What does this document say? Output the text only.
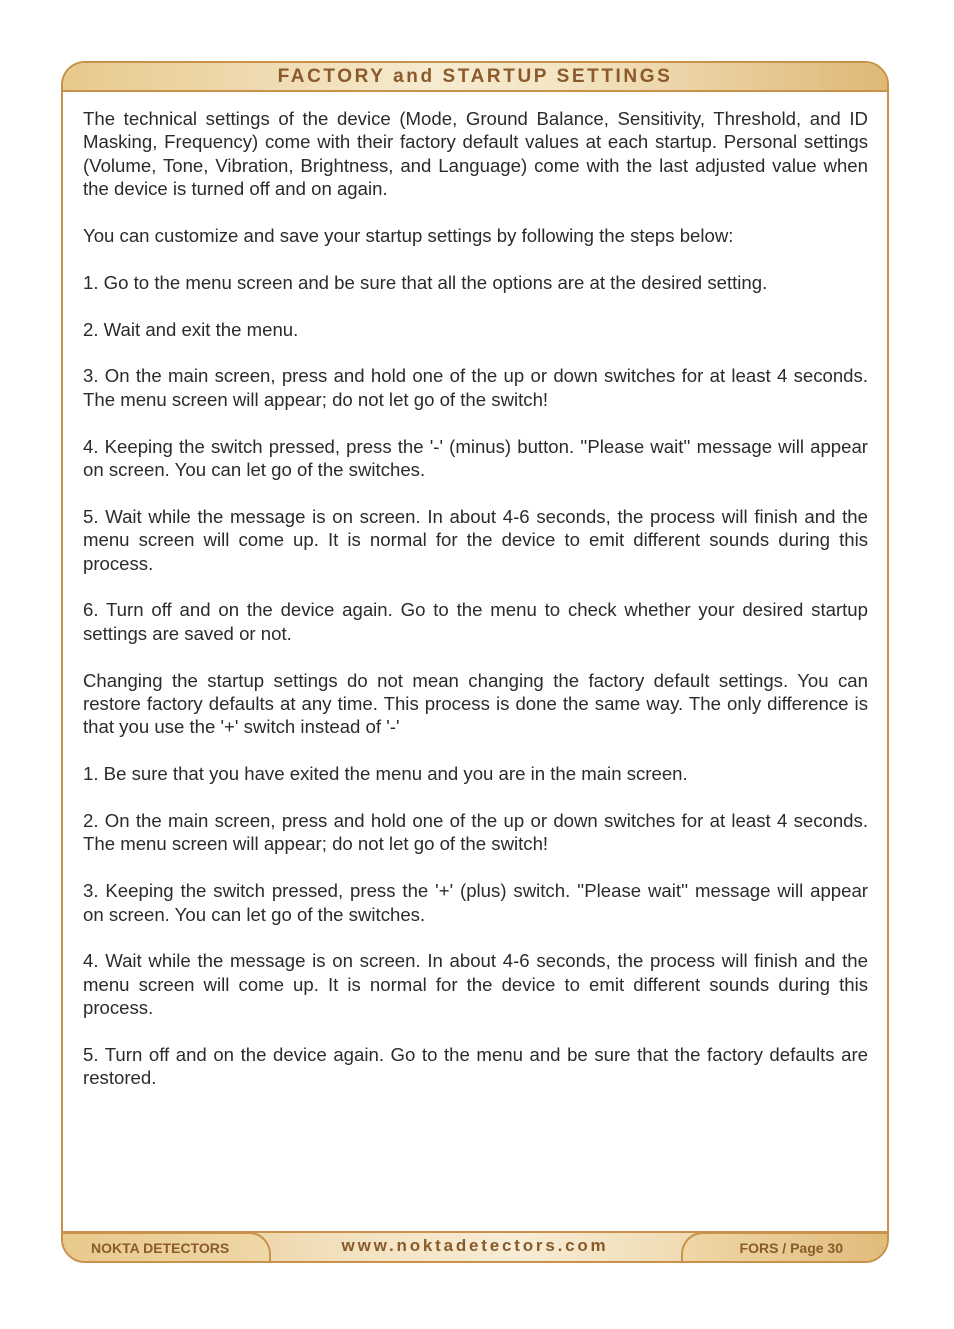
FACTORY and STARTUP SETTINGS
www.noktadetectors.com
NOKTA DETECTORS	FORS / Page 30

The technical settings of the device (Mode, Ground Balance, Sensitivity, Threshold, and ID Masking, Frequency) come with their factory default values at each startup. Personal settings (Volume, Tone, Vibration, Brightness, and Language) come with the last adjusted value when the device is turned off and on again.

You can customize and save your startup settings by following the steps below:

1. Go to the menu screen and be sure that all the options are at the desired setting.

2. Wait and exit the menu.

3. On the main screen, press and hold one of the up or down switches for at least 4 seconds. The menu screen will appear; do not let go of the switch!

4. Keeping the switch pressed, press the '-' (minus) button. ''Please wait'' message will appear on screen. You can let go of the switches.

5. Wait while the message is on screen. In about 4-6 seconds, the process will finish and the menu screen will come up. It is normal for the device to emit different sounds during this process.

6. Turn off and on the device again. Go to the menu to check whether your desired startup settings are saved or not.

Changing the startup settings do not mean changing the factory default settings. You can restore factory defaults at any time. This process is done the same way. The only difference is that you use the '+' switch instead of '-'

1. Be sure that you have exited the menu and you are in the main screen.

2. On the main screen, press and hold one of the up or down switches for at least 4 seconds. The menu screen will appear; do not let go of the switch!

3. Keeping the switch pressed, press the '+' (plus) switch. ''Please wait'' message will appear on screen. You can let go of the switches.

4. Wait while the message is on screen. In about 4-6 seconds, the process will finish and the menu screen will come up. It is normal for the device to emit different sounds during this process.

5. Turn off and on the device again. Go to the menu and be sure that the factory defaults are restored.
